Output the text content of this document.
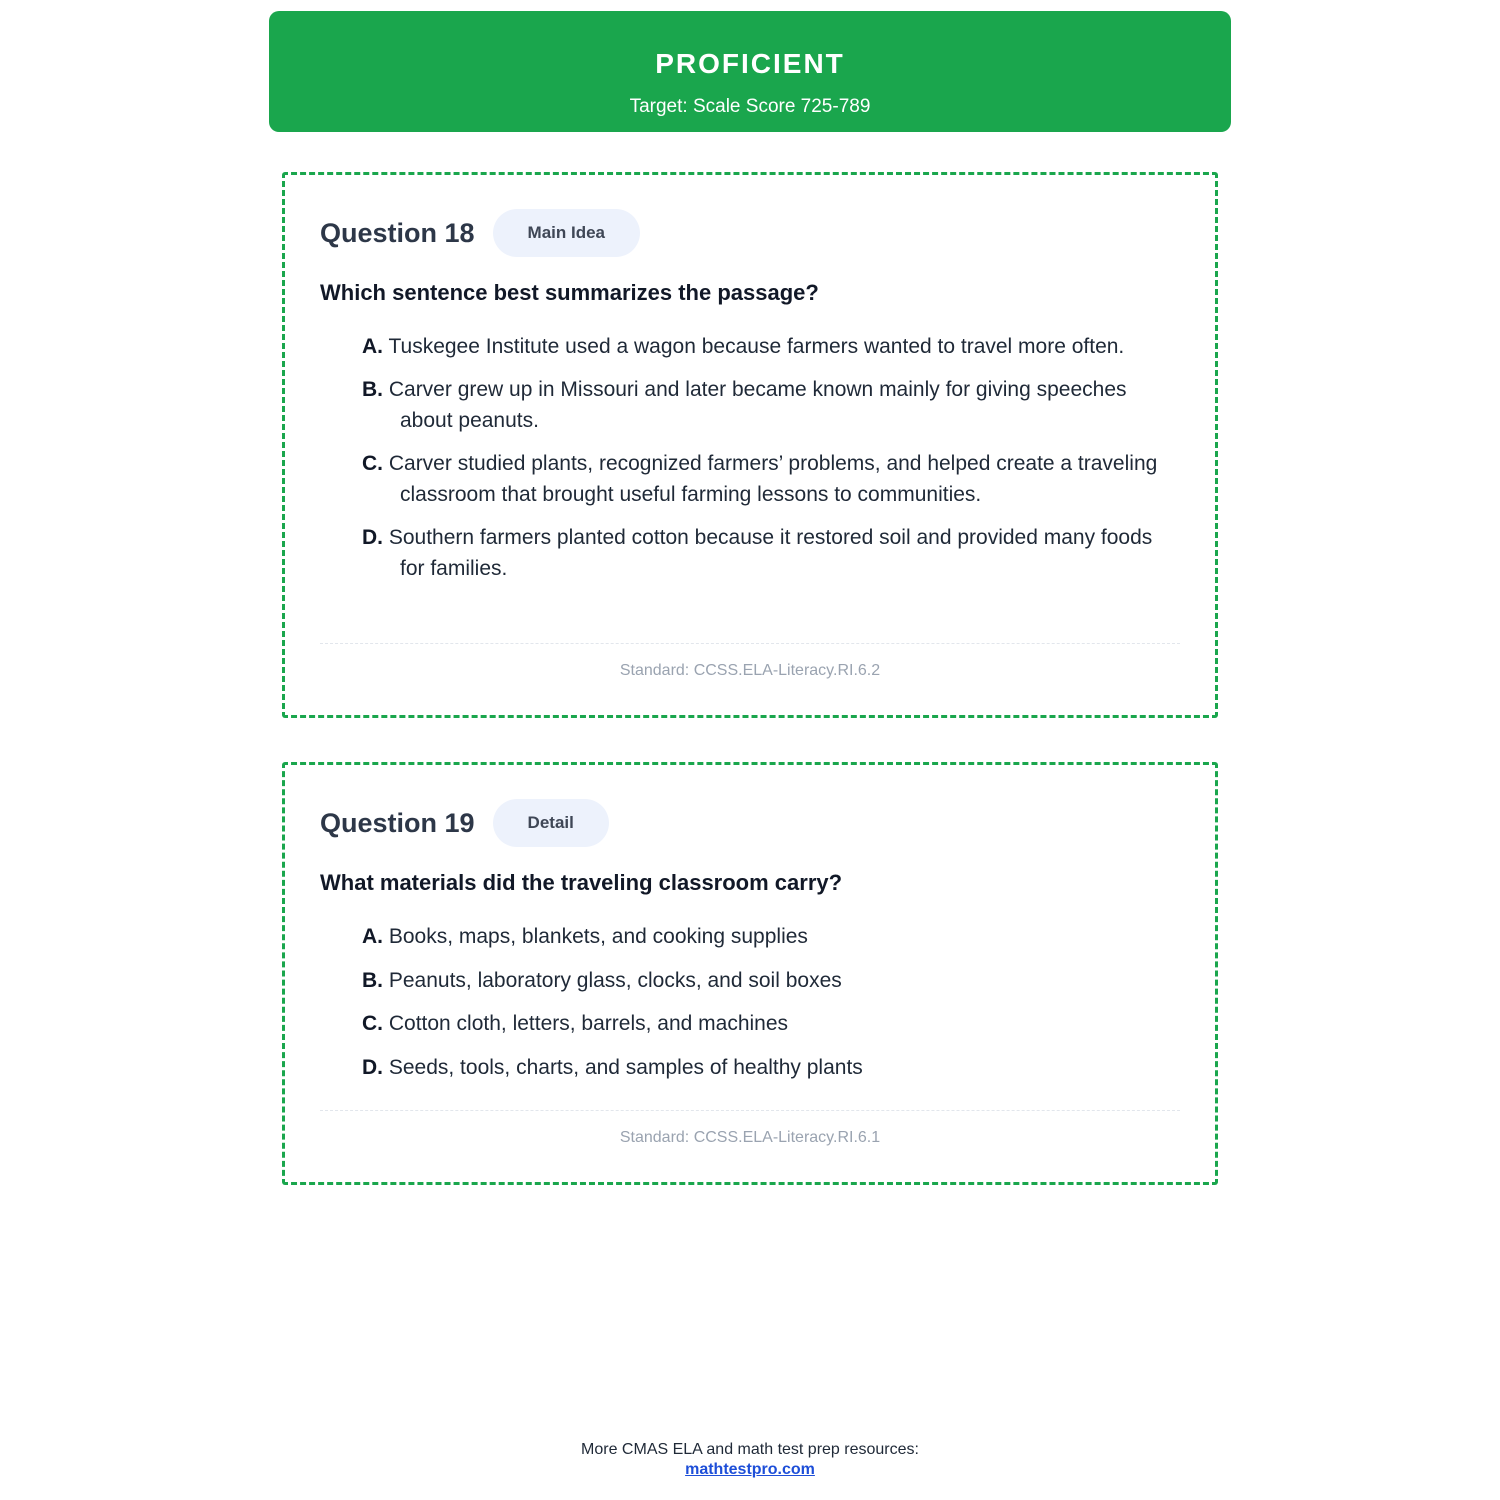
PROFICIENT
Target: Scale Score 725-789
Question 18	Main Idea
Which sentence best summarizes the passage?
A. Tuskegee Institute used a wagon because farmers wanted to travel more often.
B. Carver grew up in Missouri and later became known mainly for giving speeches about peanuts.
C. Carver studied plants, recognized farmers’ problems, and helped create a traveling classroom that brought useful farming lessons to communities.
D. Southern farmers planted cotton because it restored soil and provided many foods for families.
Standard: CCSS.ELA-Literacy.RI.6.2
Question 19	Detail
What materials did the traveling classroom carry?
A. Books, maps, blankets, and cooking supplies
B. Peanuts, laboratory glass, clocks, and soil boxes
C. Cotton cloth, letters, barrels, and machines
D. Seeds, tools, charts, and samples of healthy plants
Standard: CCSS.ELA-Literacy.RI.6.1
More CMAS ELA and math test prep resources:
mathtestpro.com
